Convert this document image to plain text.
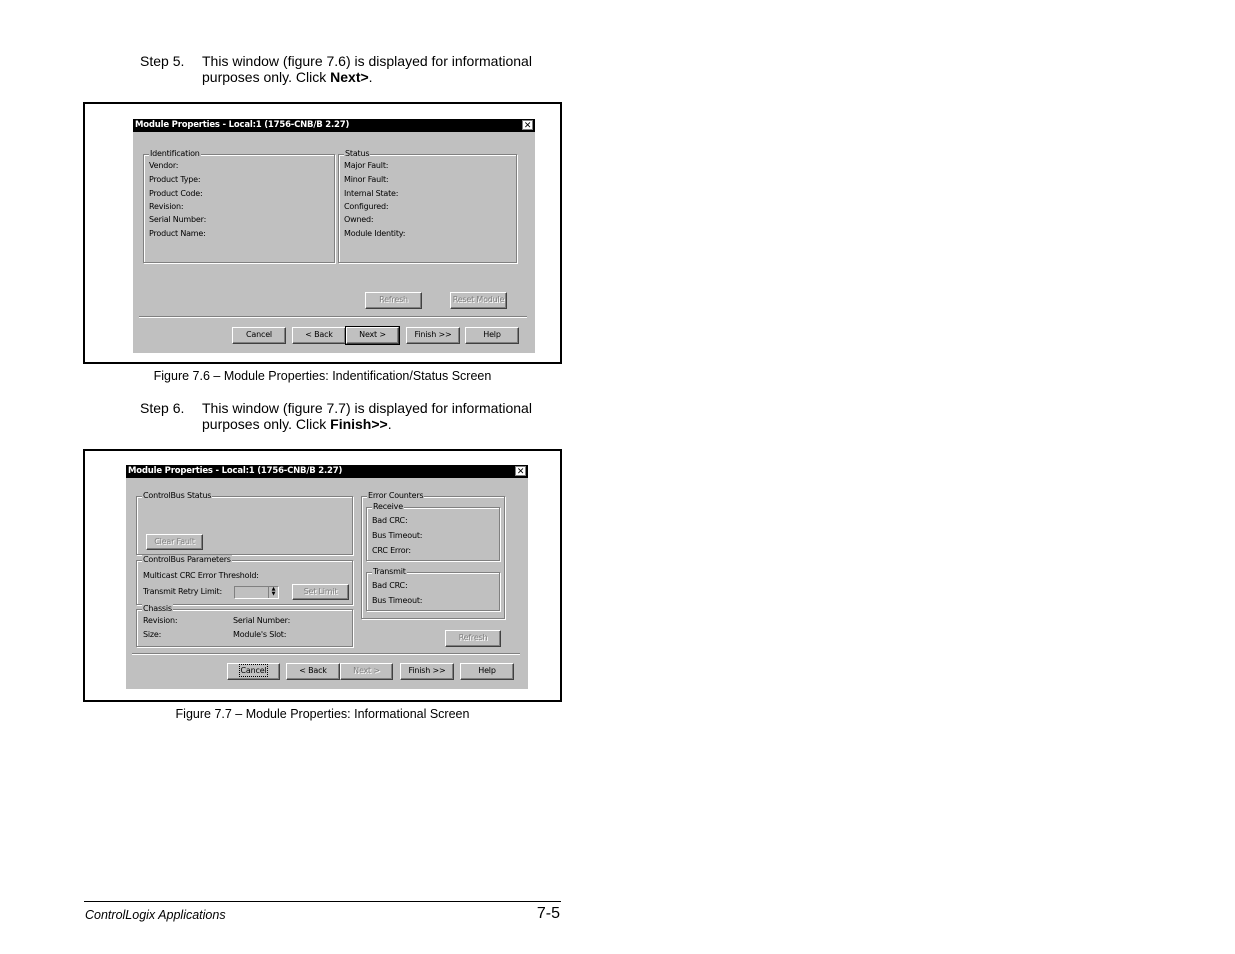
Step 5. This window (figure 7.6) is displayed for informational
purposes only. Click Next>.
Module Properties - Local:1 (1756-CNB/B 2.27)	✕
Identification
Vendor:
Product Type:
Product Code:
Revision:
Serial Number:
Product Name:
Status
Major Fault:
Minor Fault:
Internal State:
Configured:
Owned:
Module Identity:
Refresh	Reset Module
Cancel	< Back	Next >	Finish >>	Help
Figure 7.6 – Module Properties: Indentification/Status Screen
Step 6. This window (figure 7.7) is displayed for informational
purposes only. Click Finish>>.
Module Properties - Local:1 (1756-CNB/B 2.27)	✕
ControlBus Status
Clear Fault
ControlBus Parameters
Multicast CRC Error Threshold:
Transmit Retry Limit:	▲
▼	Set Limit
Chassis
Revision:	Serial Number:
Size:	Module's Slot:
Error Counters
Receive
Bad CRC:
Bus Timeout:
CRC Error:
Transmit
Bad CRC:
Bus Timeout:
Refresh
Cancel	< Back	Next >	Finish >>	Help
Figure 7.7 – Module Properties: Informational Screen
ControlLogix Applications	7-5
